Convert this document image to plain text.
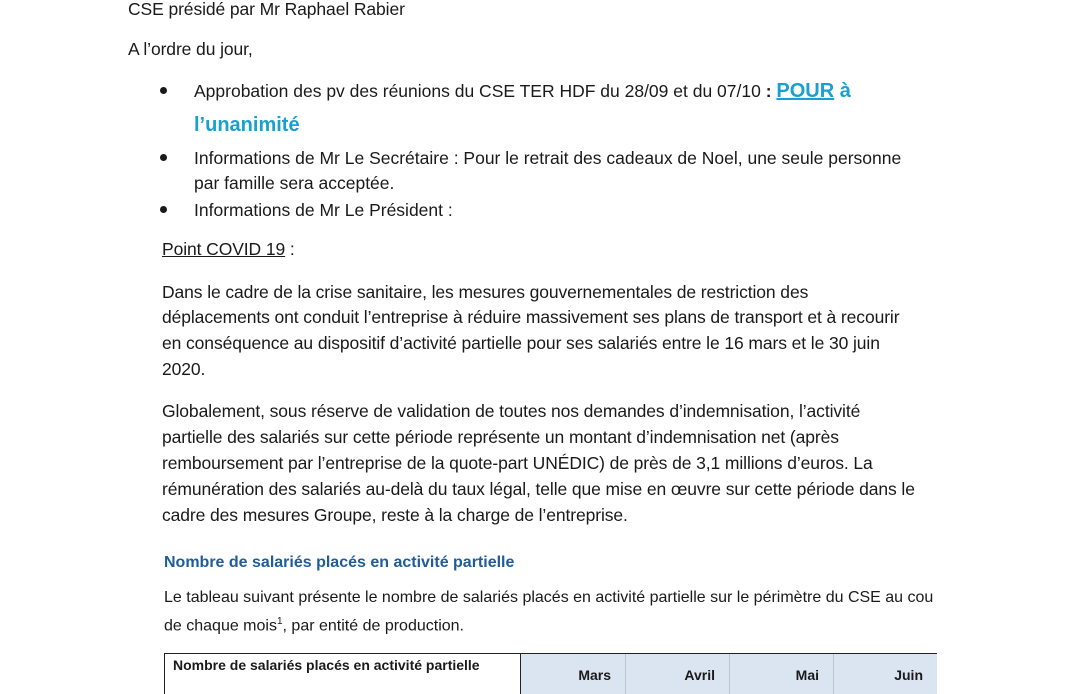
CSE présidé par Mr Raphael Rabier

A l’ordre du jour,

Approbation des pv des réunions du CSE TER HDF du 28/09 et du 07/10 : POUR à
l’unanimité
Informations de Mr Le Secrétaire : Pour le retrait des cadeaux de Noel, une seule personne
par famille sera acceptée.
Informations de Mr Le Président :

Point COVID 19 :

Dans le cadre de la crise sanitaire, les mesures gouvernementales de restriction des

déplacements ont conduit l’entreprise à réduire massivement ses plans de transport et à recourir

en conséquence au dispositif d’activité partielle pour ses salariés entre le 16 mars et le 30 juin

2020.

Globalement, sous réserve de validation de toutes nos demandes d’indemnisation, l’activité

partielle des salariés sur cette période représente un montant d’indemnisation net (après

remboursement par l’entreprise de la quote-part UNÉDIC) de près de 3,1 millions d’euros. La

rémunération des salariés au-delà du taux légal, telle que mise en œuvre sur cette période dans le

cadre des mesures Groupe, reste à la charge de l’entreprise.

Nombre de salariés placés en activité partielle
Le tableau suivant présente le nombre de salariés placés en activité partielle sur le périmètre du CSE au cou
de chaque mois$^1$, par entité de production.
Nombre de salariés placés en activité partielle
Mars	Avril	Mai	Juin
